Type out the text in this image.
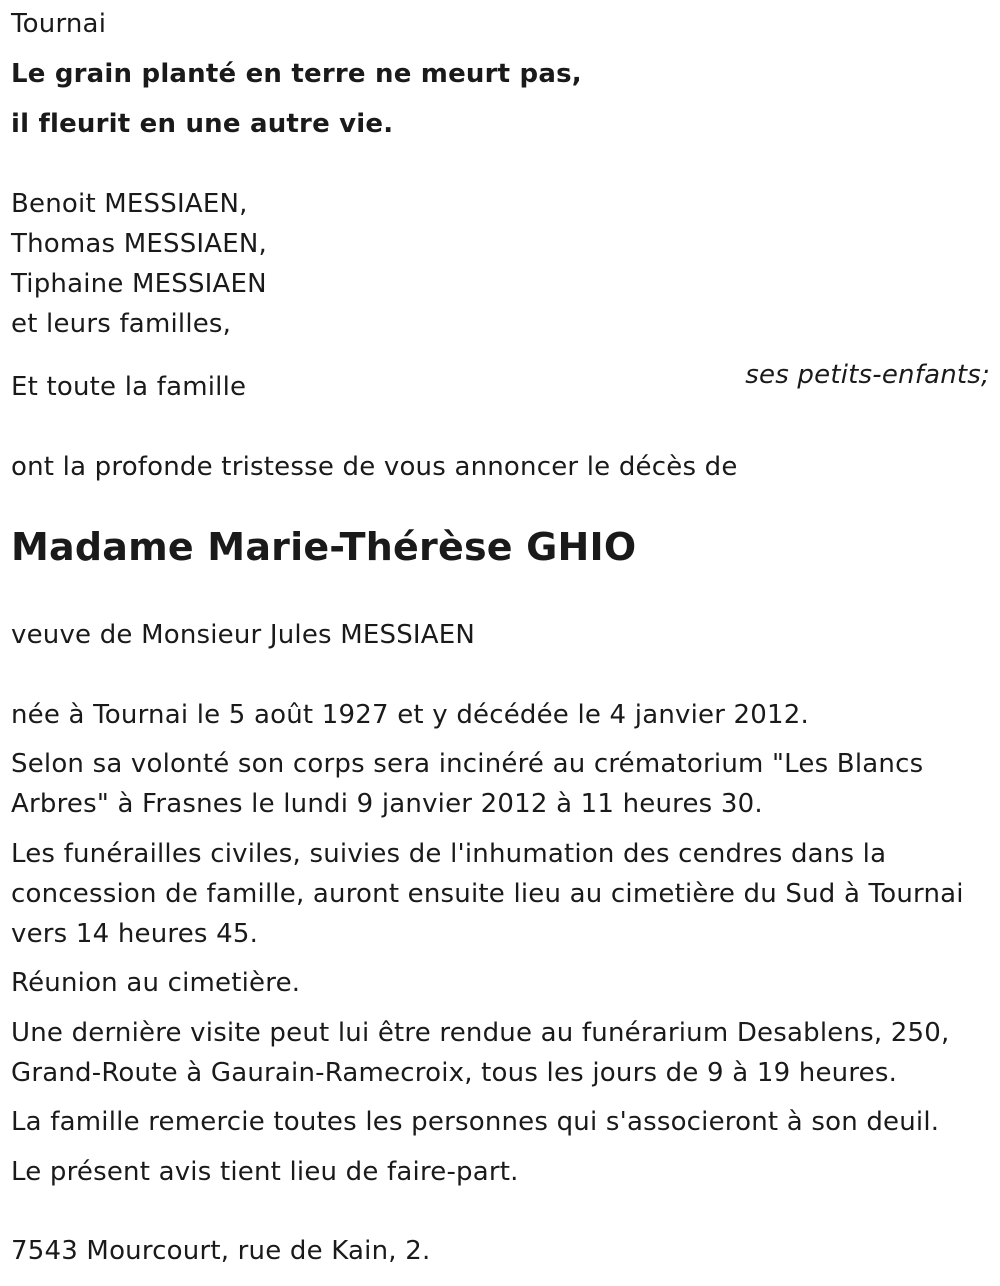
Tournai

Le grain planté en terre ne meurt pas,

il fleurit en une autre vie.

Benoit MESSIAEN,

Thomas MESSIAEN,

Tiphaine MESSIAEN

et leurs familles,

ses petits-enfants;

Et toute la famille

ont la profonde tristesse de vous annoncer le décès de

Madame Marie-Thérèse GHIO

veuve de Monsieur Jules MESSIAEN

née à Tournai le 5 août 1927 et y décédée le 4 janvier 2012.

Selon sa volonté son corps sera incinéré au crématorium "Les Blancs

Arbres" à Frasnes le lundi 9 janvier 2012 à 11 heures 30.

Les funérailles civiles, suivies de l'inhumation des cendres dans la

concession de famille, auront ensuite lieu au cimetière du Sud à Tournai

vers 14 heures 45.

Réunion au cimetière.

Une dernière visite peut lui être rendue au funérarium Desablens, 250,

Grand-Route à Gaurain-Ramecroix, tous les jours de 9 à 19 heures.

La famille remercie toutes les personnes qui s'associeront à son deuil.

Le présent avis tient lieu de faire-part.

7543 Mourcourt, rue de Kain, 2.
